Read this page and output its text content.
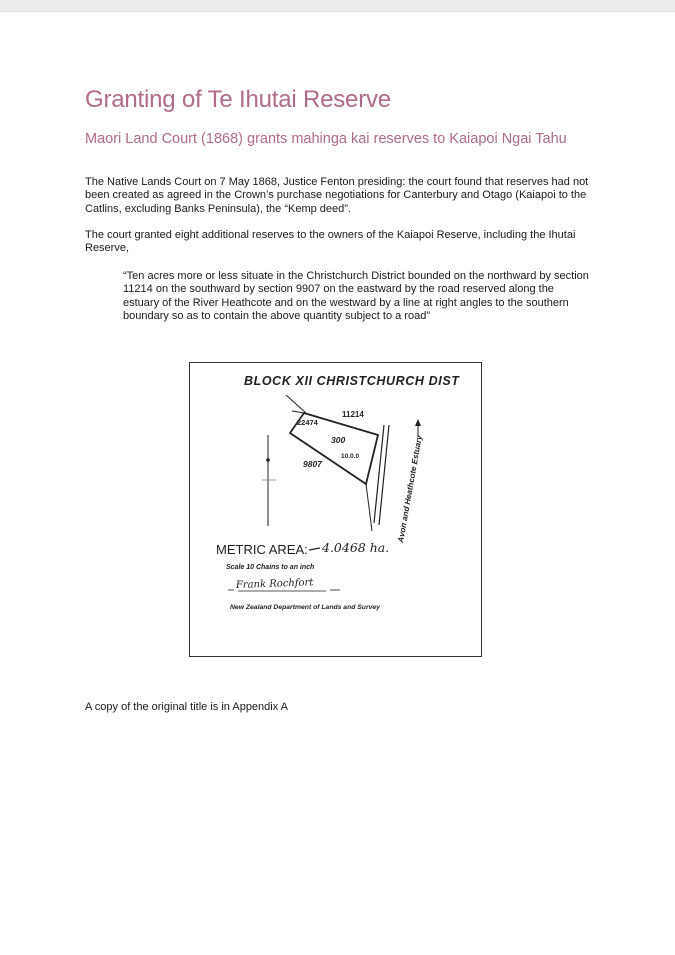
Granting of Te Ihutai Reserve
Maori Land Court (1868) grants mahinga kai reserves to Kaiapoi Ngai Tahu

The Native Lands Court on 7 May 1868, Justice Fenton presiding: the court found that reserves had not been created as agreed in the Crown’s purchase negotiations for Canterbury and Otago (Kaiapoi to the Catlins, excluding Banks Peninsula), the “Kemp deed”.

The court granted eight additional reserves to the owners of the Kaiapoi Reserve, including the Ihutai Reserve,

“Ten acres more or less situate in the Christchurch District bounded on the northward by section 11214 on the southward by section 9907 on the eastward by the road reserved along the estuary of the River Heathcote and on the westward by a line at right angles to the southern boundary so as to contain the above quantity subject to a road”

BLOCK XII CHRISTCHURCH DIST
11214
22474
300
10.0.0
9807	Avon and Heathcote Estuary
METRIC AREA: 4.0468 ha.
Scale 10 Chains to an inch
Frank Rochfort
New Zealand Department of Lands and Survey

A copy of the original title is in Appendix A
